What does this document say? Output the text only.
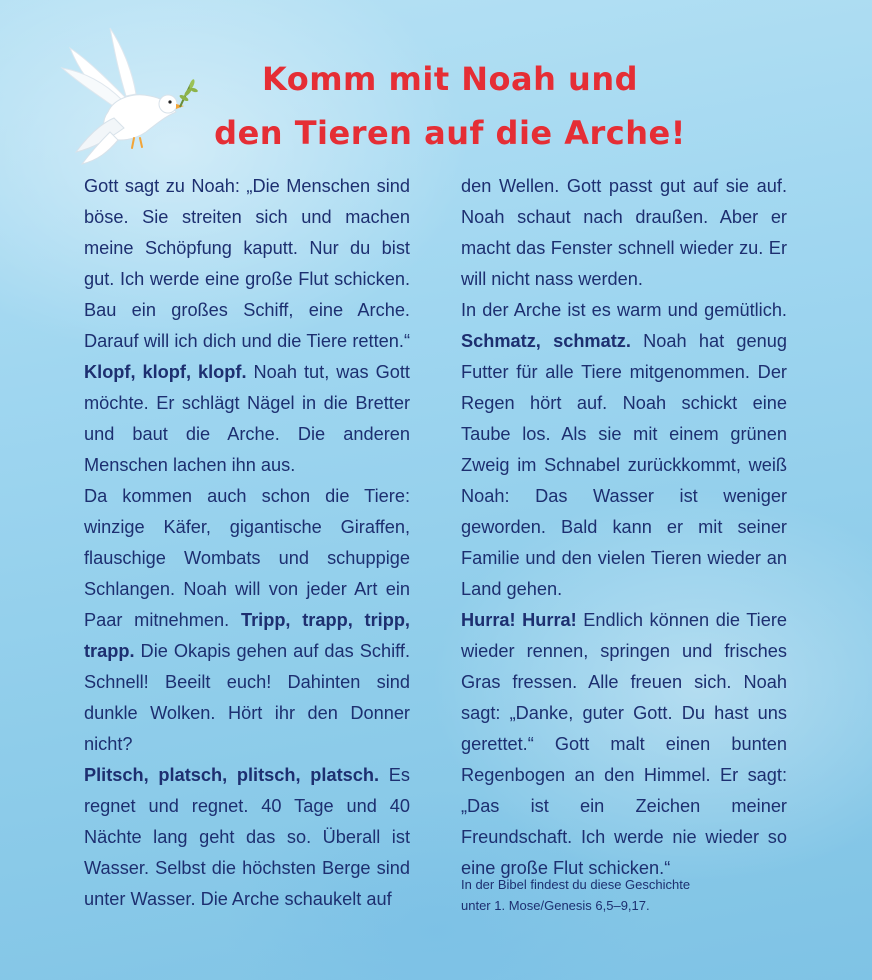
Komm mit Noah und
den Tieren auf die Arche!

Gott sagt zu Noah: „Die Menschen sind böse. Sie streiten sich und machen meine Schöpfung kaputt. Nur du bist gut. Ich werde eine große Flut schicken. Bau ein großes Schiff, eine Arche. Darauf will ich dich und die Tiere retten.“ Klopf, klopf, klopf. Noah tut, was Gott möchte. Er schlägt Nägel in die Bretter und baut die Arche. Die anderen Menschen lachen ihn aus.

Da kommen auch schon die Tiere: winzige Käfer, gigantische Giraffen, flauschige Wombats und schuppige Schlangen. Noah will von jeder Art ein Paar mitnehmen. Tripp, trapp, tripp, trapp. Die Okapis gehen auf das Schiff. Schnell! Beeilt euch! Dahinten sind dunkle Wolken. Hört ihr den Donner nicht?

Plitsch, platsch, plitsch, platsch. Es regnet und regnet. 40 Tage und 40 Nächte lang geht das so. Überall ist Wasser. Selbst die höchsten Berge sind unter Wasser. Die Arche schaukelt auf

den Wellen. Gott passt gut auf sie auf. Noah schaut nach draußen. Aber er macht das Fenster schnell wieder zu. Er will nicht nass werden.

In der Arche ist es warm und gemütlich. Schmatz, schmatz. Noah hat genug Futter für alle Tiere mitgenommen. Der Regen hört auf. Noah schickt eine Taube los. Als sie mit einem grünen Zweig im Schnabel zurückkommt, weiß Noah: Das Wasser ist weniger geworden. Bald kann er mit seiner Familie und den vielen Tieren wieder an Land gehen.

Hurra! Hurra! Endlich können die Tiere wieder rennen, springen und frisches Gras fressen. Alle freuen sich. Noah sagt: „Danke, guter Gott. Du hast uns gerettet.“ Gott malt einen bunten Regenbogen an den Himmel. Er sagt: „Das ist ein Zeichen meiner Freundschaft. Ich werde nie wieder so eine große Flut schicken.“

In der Bibel findest du diese Geschichte
unter 1. Mose/Genesis 6,5–9,17.
